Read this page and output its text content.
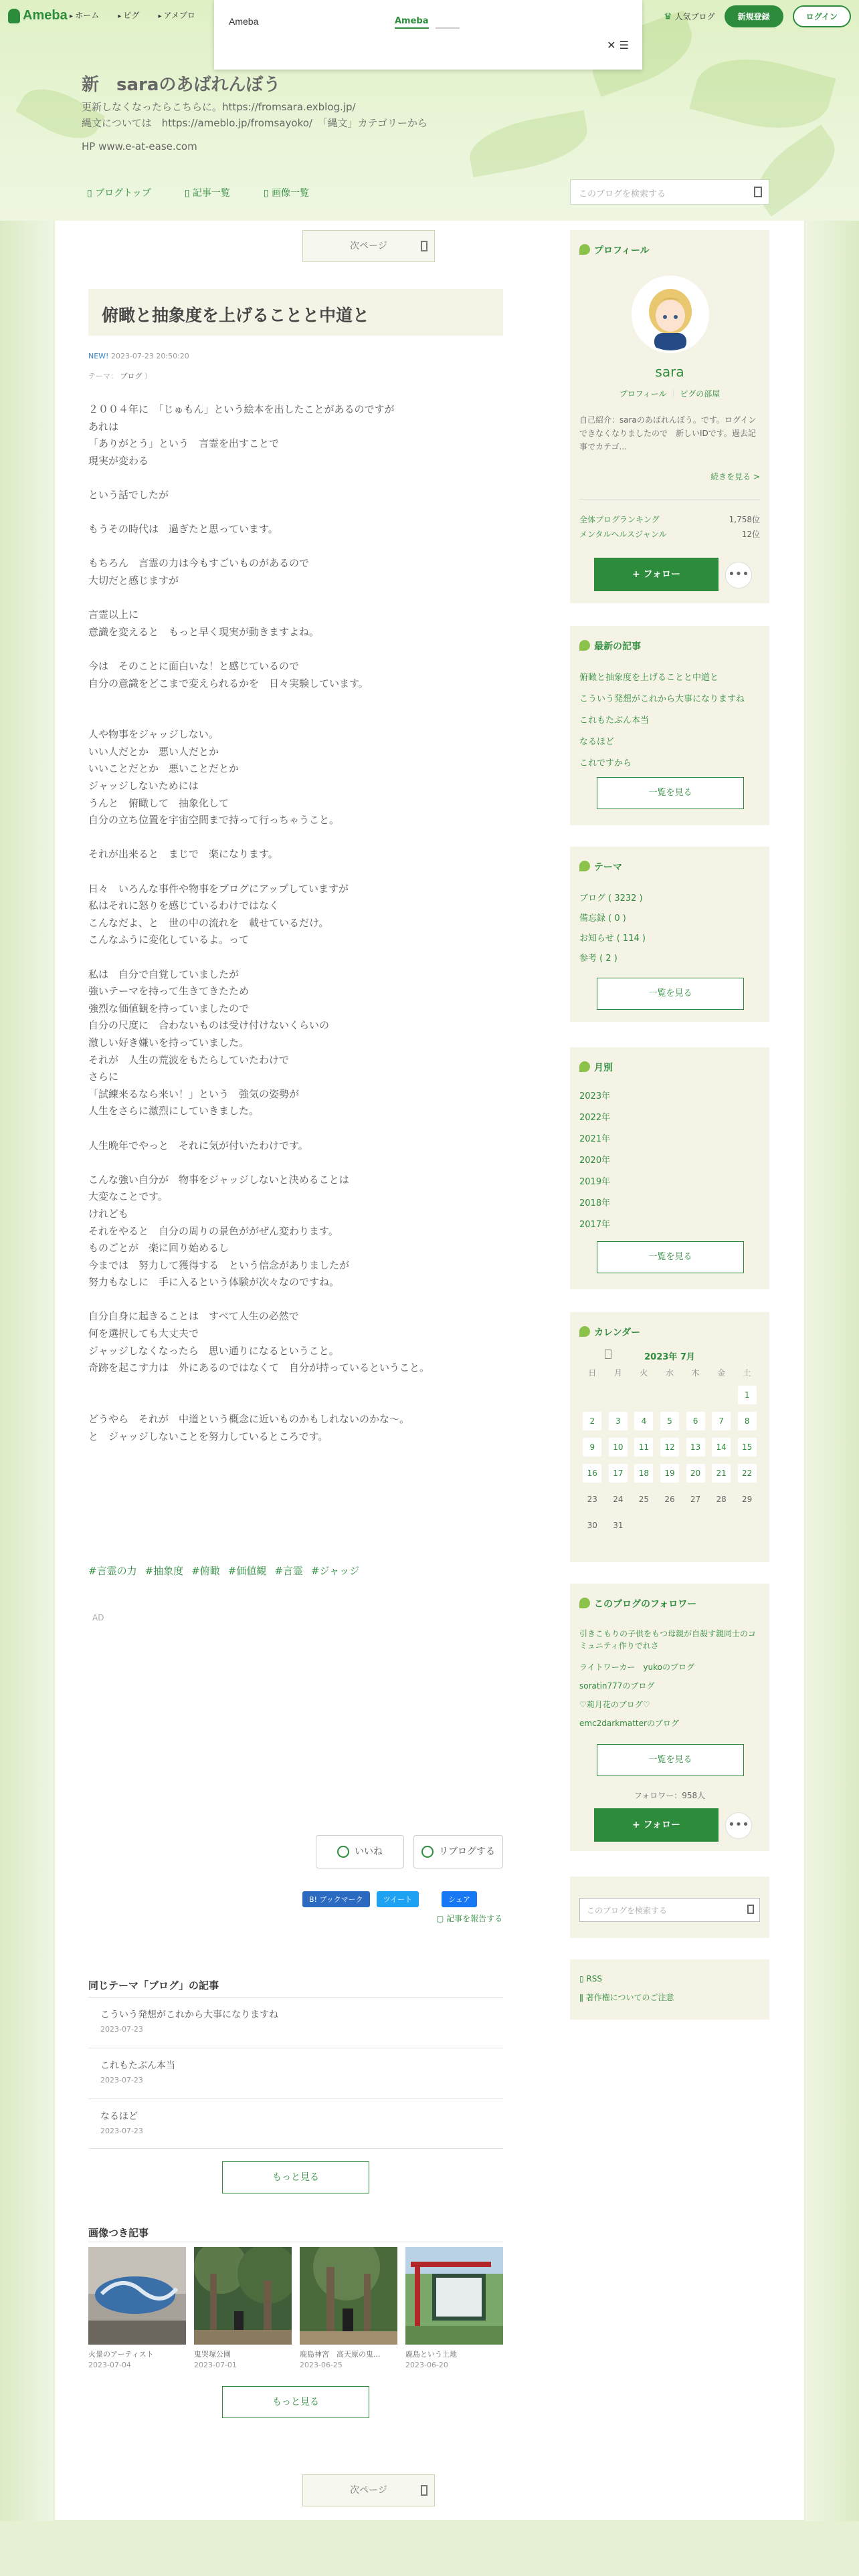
Ameba ▸ ホーム	▸ ピグ	▸ アメブロ	♛ 人気ブログ	新規登録	ログイン
Ameba	Ameba
✕ ☰
新　saraのあばれんぼう
更新しなくなったらこちらに。https://fromsara.exblog.jp/
縄文については　https://ameblo.jp/fromsayoko/　「縄文」カテゴリーから
HP www.e-at-ease.com
▯ ブログトップ	▯ 記事一覧	▯ 画像一覧	このブログを検索する
次ページ
俯瞰と抽象度を上げることと中道と
NEW! 2023-07-23 20:50:20
テーマ： ブログ ）
２００４年に　「じゅもん」という絵本を出したことがあるのですが
あれは
「ありがとう」という　言霊を出すことで
現実が変わる

という話でしたが

もうその時代は　過ぎたと思っています。

もちろん　言霊の力は今もすごいものがあるので
大切だと感じますが

言霊以上に
意識を変えると　もっと早く現実が動きますよね。

今は　そのことに面白いな！と感じているので
自分の意識をどこまで変えられるかを　日々実験しています。

人や物事をジャッジしない。
いい人だとか　悪い人だとか
いいことだとか　悪いことだとか
ジャッジしないためには
うんと　俯瞰して　抽象化して
自分の立ち位置を宇宙空間まで持って行っちゃうこと。

それが出来ると　まじで　楽になります。

日々　いろんな事件や物事をブログにアップしていますが
私はそれに怒りを感じているわけではなく
こんなだよ、と　世の中の流れを　載せているだけ。
こんなふうに変化しているよ。って

私は　自分で自覚していましたが
強いテーマを持って生きてきたため
強烈な価値観を持っていましたので
自分の尺度に　合わないものは受け付けないくらいの
激しい好き嫌いを持っていました。
それが　人生の荒波をもたらしていたわけで
さらに
「試練来るなら来い！」という　強気の姿勢が
人生をさらに激烈にしていきました。

人生晩年でやっと　それに気が付いたわけです。

こんな強い自分が　物事をジャッジしないと決めることは
大変なことです。
けれども
それをやると　自分の周りの景色ががぜん変わります。
ものごとが　楽に回り始めるし
今までは　努力して獲得する　という信念がありましたが
努力もなしに　手に入るという体験が次々なのですね。

自分自身に起きることは　すべて人生の必然で
何を選択しても大丈夫で
ジャッジしなくなったら　思い通りになるということ。
奇跡を起こす力は　外にあるのではなくて　自分が持っているということ。

どうやら　それが　中道という概念に近いものかもしれないのかな～。
と　ジャッジしないことを努力しているところです。
#言霊の力 #抽象度 #俯瞰 #価値観 #言霊 #ジャッジ
AD
いいね	リブログする
B! ブックマーク	ツイート	シェア
▢ 記事を報告する
同じテーマ「ブログ」の記事
こういう発想がこれから大事になりますね
2023-07-23
これもたぶん本当
2023-07-23
なるほど
2023-07-23
もっと見る
画像つき記事
火景のアーティスト	鬼哭塚公園	鹿島神宮　高天原の鬼...	鹿島という土地
2023-07-04	2023-07-01	2023-06-25	2023-06-20
もっと見る
次ページ
プロフィール
sara
プロフィール ｜ ピグの部屋
自己紹介：saraのあばれんぼう。です。ログインできなくなりましたので　新しいIDです。過去記事でカテゴ...
続きを見る >
全体ブログランキング	1,758位
メンタルヘルスジャンル	12位
+ フォロー	•••
最新の記事
俯瞰と抽象度を上げることと中道と
こういう発想がこれから大事になりますね
これもたぶん本当
なるほど
これですから
一覧を見る
テーマ
ブログ ( 3232 )
備忘録 ( 0 )
お知らせ ( 114 )
参考 ( 2 )
一覧を見る
月別
2023年
2022年
2021年
2020年
2019年
2018年
2017年
一覧を見る
カレンダー
2023年 7月
日	月	火	水	木	金	土
						1
2	3	4	5	6	7	8
9	10	11	12	13	14	15
16	17	18	19	20	21	22
23	24	25	26	27	28	29
30	31					
このブログのフォロワー
引きこもりの子供をもつ母親が自殺す親同士のコミュニティ作りでれさ
ライトワーカー　yukoのブログ
soratin777のブログ
♡莉月花のブログ♡
emc2darkmatterのブログ
一覧を見る
フォロワー：958人
+ フォロー	•••
このブログを検索する
▯ RSS
ǁ 著作権についてのご注意
